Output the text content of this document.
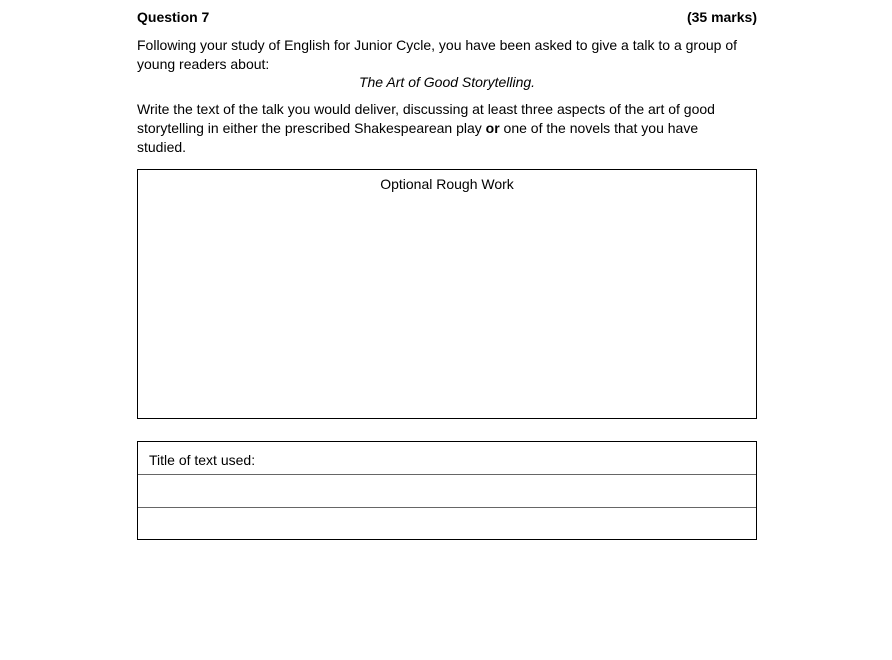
Question 7	(35 marks)
Following your study of English for Junior Cycle, you have been asked to give a talk to a group of young readers about:
The Art of Good Storytelling.
Write the text of the talk you would deliver, discussing at least three aspects of the art of good storytelling in either the prescribed Shakespearean play or one of the novels that you have studied.
Optional Rough Work
Title of text used:
